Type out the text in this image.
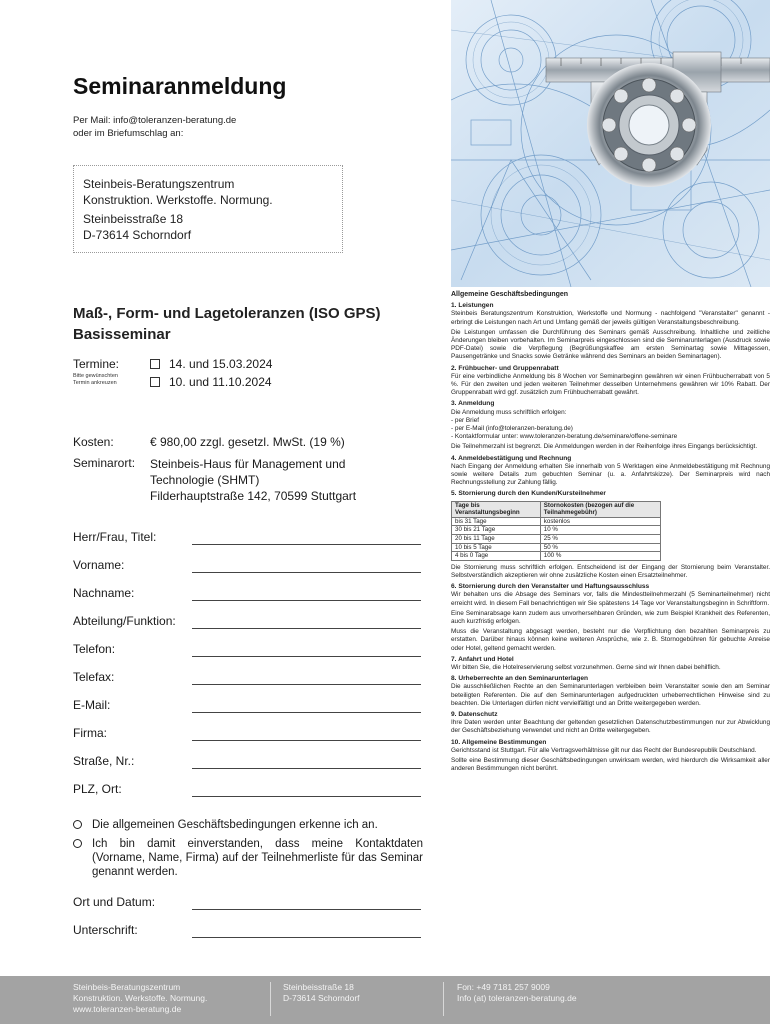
Seminaranmeldung
Per Mail: info@toleranzen-beratung.de
oder im Briefumschlag an:
Steinbeis-Beratungszentrum
Konstruktion. Werkstoffe. Normung.
Steinbeisstraße 18
D-73614 Schorndorf
Maß-, Form- und Lagetoleranzen (ISO GPS)
Basisseminar
Termine:
Bitte gewünschten
Termin ankreuzen
14. und 15.03.2024
10. und 11.10.2024
Kosten:	€ 980,00 zzgl. gesetzl. MwSt. (19 %)
Seminarort: Steinbeis-Haus für Management und
Technologie (SHMT)
Filderhauptstraße 142, 70599 Stuttgart
Herr/Frau, Titel:
Vorname:
Nachname:
Abteilung/Funktion:
Telefon:
Telefax:
E-Mail:
Firma:
Straße, Nr.:
PLZ, Ort:
Die allgemeinen Geschäftsbedingungen erkenne ich an.
Ich bin damit einverstanden, dass meine Kontaktdaten (Vorname, Name, Firma) auf der Teilnehmerliste für das Seminar genannt werden.
Ort und Datum:
Unterschrift:
Allgemeine Geschäftsbedingungen
1. Leistungen

Steinbeis Beratungszentrum Konstruktion, Werkstoffe und Normung - nachfolgend "Veranstalter" genannt - erbringt die Leistungen nach Art und Umfang gemäß der jeweils gültigen Veranstaltungsbeschreibung.

Die Leistungen umfassen die Durchführung des Seminars gemäß Ausschreibung. Inhaltliche und zeitliche Änderungen bleiben vorbehalten. Im Seminarpreis eingeschlossen sind die Seminarunterlagen (Ausdruck sowie PDF-Datei) sowie die Verpflegung (Begrüßungskaffee am ersten Seminartag sowie Mittagessen, Pausengetränke und Snacks sowie Getränke während des Seminars an beiden Seminartagen).

2. Frühbucher- und Gruppenrabatt

Für eine verbindliche Anmeldung bis 8 Wochen vor Seminarbeginn gewähren wir einen Frühbucherrabatt von 5 %. Für den zweiten und jeden weiteren Teilnehmer desselben Unternehmens gewähren wir 10% Rabatt. Der Gruppenrabatt wird ggf. zusätzlich zum Frühbucherrabatt gewährt.

3. Anmeldung
Die Anmeldung muss schriftlich erfolgen:
- per Brief
- per E-Mail (info@toleranzen-beratung.de)
- Kontaktformular unter: www.toleranzen-beratung.de/seminare/offene-seminare

Die Teilnehmerzahl ist begrenzt. Die Anmeldungen werden in der Reihenfolge ihres Eingangs berücksichtigt.

4. Anmeldebestätigung und Rechnung

Nach Eingang der Anmeldung erhalten Sie innerhalb von 5 Werktagen eine Anmeldebestätigung mit Rechnung sowie weitere Details zum gebuchten Seminar (u. a. Anfahrtskizze). Der Seminarpreis wird nach Rechnungsstellung zur Zahlung fällig.

5. Stornierung durch den Kunden/Kursteilnehmer
Tage bis Veranstaltungsbeginn	Stornokosten (bezogen auf die Teilnahmegebühr)
bis 31 Tage	kostenlos
30 bis 21 Tage	10 %
20 bis 11 Tage	25 %
10 bis 5 Tage	50 %
4 bis 0 Tage	100 %

Die Stornierung muss schriftlich erfolgen. Entscheidend ist der Eingang der Stornierung beim Veranstalter. Selbstverständlich akzeptieren wir ohne zusätzliche Kosten einen Ersatzteilnehmer.

6. Stornierung durch den Veranstalter und Haftungsausschluss

Wir behalten uns die Absage des Seminars vor, falls die Mindestteilnehmerzahl (5 Seminarteilnehmer) nicht erreicht wird. In diesem Fall benachrichtigen wir Sie spätestens 14 Tage vor Veranstaltungsbeginn in Schriftform.

Eine Seminarabsage kann zudem aus unvorhersehbaren Gründen, wie zum Beispiel Krankheit des Referenten, auch kurzfristig erfolgen.

Muss die Veranstaltung abgesagt werden, besteht nur die Verpflichtung den bezahlten Seminarpreis zu erstatten. Darüber hinaus können keine weiteren Ansprüche, wie z. B. Stornogebühren für gebuchte Anreise oder Hotel, geltend gemacht werden.

7. Anfahrt und Hotel

Wir bitten Sie, die Hotelreservierung selbst vorzunehmen. Gerne sind wir Ihnen dabei behilflich.

8. Urheberrechte an den Seminarunterlagen

Die ausschließlichen Rechte an den Seminarunterlagen verbleiben beim Veranstalter sowie den am Seminar beteiligten Referenten. Die auf den Seminarunterlagen aufgedruckten urheberrechtlichen Hinweise sind zu beachten. Die Unterlagen dürfen nicht vervielfältigt und an Dritte weitergegeben werden.

9. Datenschutz

Ihre Daten werden unter Beachtung der geltenden gesetzlichen Datenschutzbestimmungen nur zur Abwicklung der Geschäftsbeziehung verwendet und nicht an Dritte weitergegeben.

10. Allgemeine Bestimmungen

Gerichtsstand ist Stuttgart. Für alle Vertragsverhältnisse gilt nur das Recht der Bundesrepublik Deutschland.

Sollte eine Bestimmung dieser Geschäftsbedingungen unwirksam werden, wird hierdurch die Wirksamkeit aller anderen Bestimmungen nicht berührt.

Steinbeis-Beratungszentrum
Konstruktion. Werkstoffe. Normung.
www.toleranzen-beratung.de
Steinbeisstraße 18
D-73614 Schorndorf
Fon: +49 7181 257 9009
Info (at) toleranzen-beratung.de
